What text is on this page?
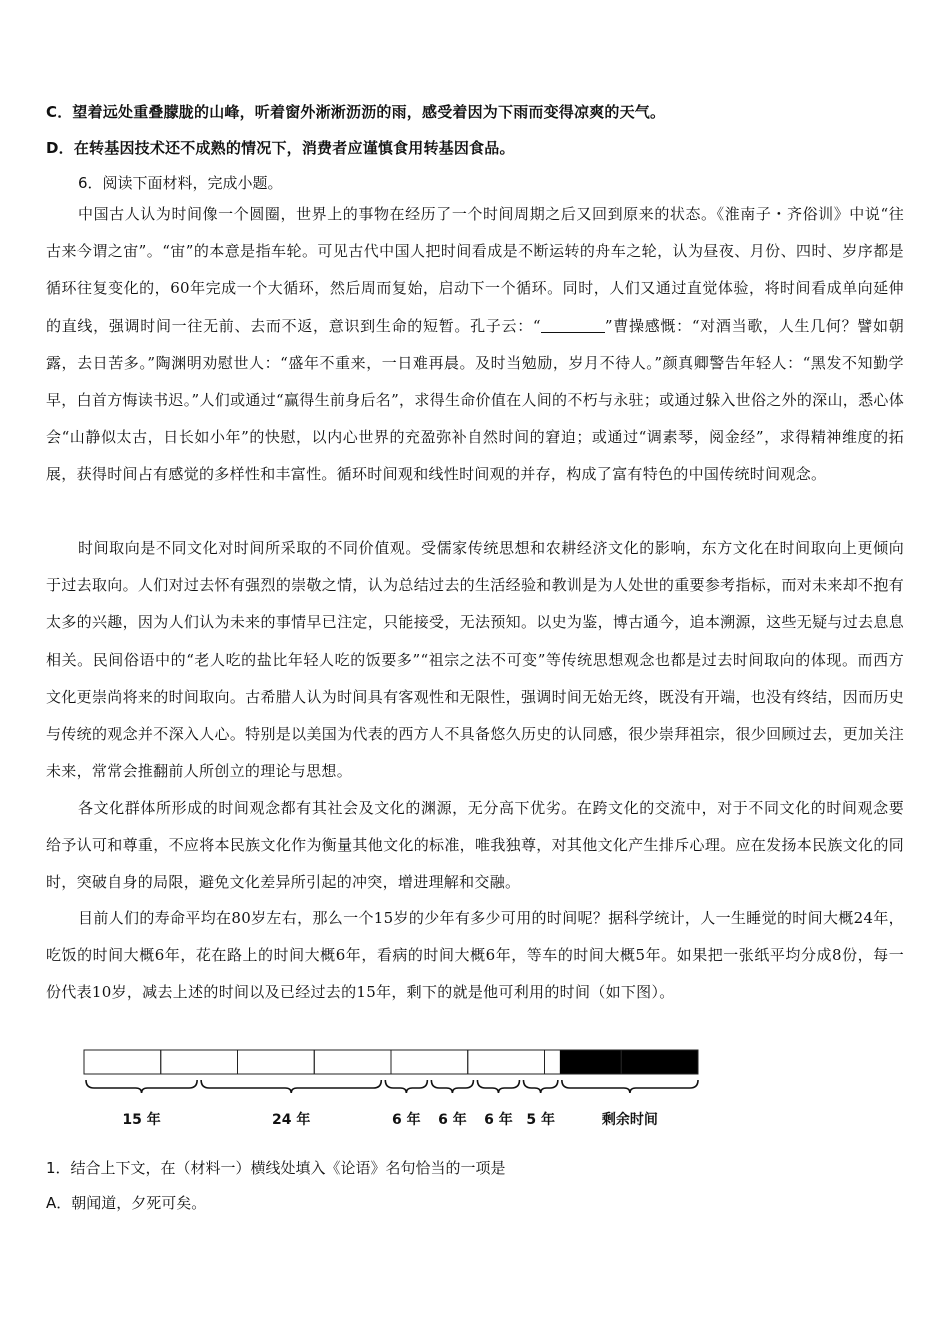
C．望着远处重叠朦胧的山峰，听着窗外淅淅沥沥的雨，感受着因为下雨而变得凉爽的天气。
D．在转基因技术还不成熟的情况下，消费者应谨慎食用转基因食品。
6．阅读下面材料，完成小题。

中国古人认为时间像一个圆圈，世界上的事物在经历了一个时间周期之后又回到原来的状态。《淮南子・齐俗训》中说“往古来今谓之宙”。“宙”的本意是指车轮。可见古代中国人把时间看成是不断运转的舟车之轮，认为昼夜、月份、四时、岁序都是循环往复变化的，60年完成一个大循环，然后周而复始，启动下一个循环。同时，人们又通过直觉体验，将时间看成单向延伸的直线，强调时间一往无前、去而不返，意识到生命的短暂。孔子云：“	”曹操感慨：“对酒当歌，人生几何？譬如朝露，去日苦多。”陶渊明劝慰世人：“盛年不重来，一日难再晨。及时当勉励，岁月不待人。”颜真卿警告年轻人：“黑发不知勤学早，白首方悔读书迟。”人们或通过“赢得生前身后名”，求得生命价值在人间的不朽与永驻；或通过躲入世俗之外的深山，悉心体会“山静似太古，日长如小年”的快慰，以内心世界的充盈弥补自然时间的窘迫；或通过“调素琴，阅金经”，求得精神维度的拓展，获得时间占有感觉的多样性和丰富性。循环时间观和线性时间观的并存，构成了富有特色的中国传统时间观念。

时间取向是不同文化对时间所采取的不同价值观。受儒家传统思想和农耕经济文化的影响，东方文化在时间取向上更倾向于过去取向。人们对过去怀有强烈的崇敬之情，认为总结过去的生活经验和教训是为人处世的重要参考指标，而对未来却不抱有太多的兴趣，因为人们认为未来的事情早已注定，只能接受，无法预知。以史为鉴，博古通今，追本溯源，这些无疑与过去息息相关。民间俗语中的“老人吃的盐比年轻人吃的饭要多”“祖宗之法不可变”等传统思想观念也都是过去时间取向的体现。而西方文化更崇尚将来的时间取向。古希腊人认为时间具有客观性和无限性，强调时间无始无终，既没有开端，也没有终结，因而历史与传统的观念并不深入人心。特别是以美国为代表的西方人不具备悠久历史的认同感，很少崇拜祖宗，很少回顾过去，更加关注未来，常常会推翻前人所创立的理论与思想。

各文化群体所形成的时间观念都有其社会及文化的渊源，无分高下优劣。在跨文化的交流中，对于不同文化的时间观念要给予认可和尊重，不应将本民族文化作为衡量其他文化的标准，唯我独尊，对其他文化产生排斥心理。应在发扬本民族文化的同时，突破自身的局限，避免文化差异所引起的冲突，增进理解和交融。

目前人们的寿命平均在80岁左右，那么一个15岁的少年有多少可用的时间呢？据科学统计，人一生睡觉的时间大概24年，吃饭的时间大概6年，花在路上的时间大概6年，看病的时间大概6年，等车的时间大概5年。如果把一张纸平均分成8份，每一份代表10岁，减去上述的时间以及已经过去的15年，剩下的就是他可利用的时间（如下图）。

15 年	24 年	6 年 6 年 6 年 5 年	剩余时间
1．结合上下文，在（材料一）横线处填入《论语》名句恰当的一项是
A．朝闻道，夕死可矣。
